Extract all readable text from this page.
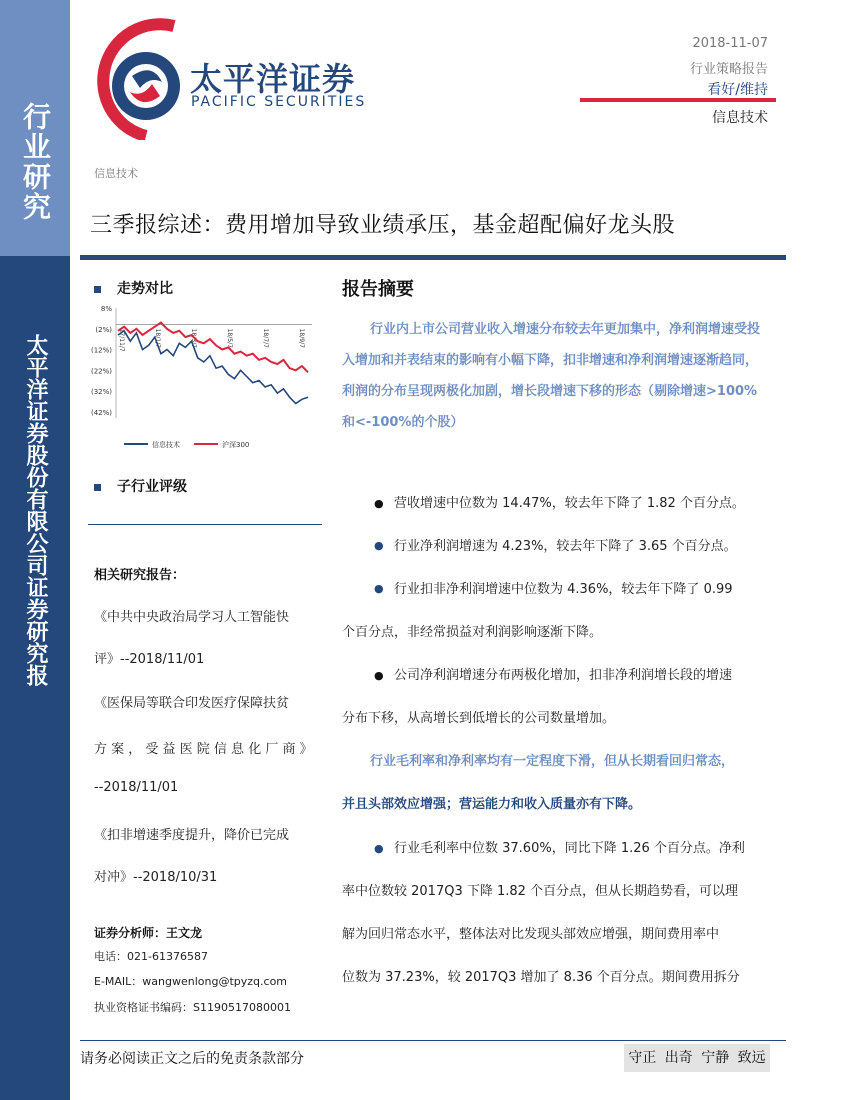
行业研究
太平洋证券股份有限公司证券研究报
太平洋证券
PACIFIC SECURITIES
2018-11-07
行业策略报告
看好/维持
信息技术
信息技术
三季报综述：费用增加导致业绩承压，基金超配偏好龙头股
走势对比
8%
(2%)
(12%)
(22%)
(32%)
(42%)
17/11/7	18/1/7	18/3/7	18/5/7	18/7/7	18/9/7
信息技术	沪深300
子行业评级
相关研究报告：
《中共中央政治局学习人工智能快
评》--2018/11/01
《医保局等联合印发医疗保障扶贫
方 案 ， 受 益 医 院 信 息 化 厂 商 》
--2018/11/01
《扣非增速季度提升，降价已完成
对冲》--2018/10/31
证券分析师：王文龙
电话：021-61376587
E-MAIL：wangwenlong@tpyzq.com
执业资格证书编码：S1190517080001
报告摘要
行业内上市公司营业收入增速分布较去年更加集中，净利润增速受投入增加和并表结束的影响有小幅下降，扣非增速和净利润增速逐渐趋同，利润的分布呈现两极化加剧，增长段增速下移的形态（剔除增速>100%和<-100%的个股）
● 营收增速中位数为 14.47%，较去年下降了 1.82 个百分点。
● 行业净利润增速为 4.23%，较去年下降了 3.65 个百分点。
● 行业扣非净利润增速中位数为 4.36%，较去年下降了 0.99
个百分点，非经常损益对利润影响逐渐下降。
● 公司净利润增速分布两极化增加，扣非净利润增长段的增速
分布下移，从高增长到低增长的公司数量增加。
行业毛利率和净利率均有一定程度下滑，但从长期看回归常态，
并且头部效应增强；营运能力和收入质量亦有下降。
● 行业毛利率中位数 37.60%，同比下降 1.26 个百分点。净利
率中位数较 2017Q3 下降 1.82 个百分点，但从长期趋势看，可以理
解为回归常态水平，整体法对比发现头部效应增强，期间费用率中
位数为 37.23%，较 2017Q3 增加了 8.36 个百分点。期间费用拆分
请务必阅读正文之后的免责条款部分	守正 出奇 宁静 致远
